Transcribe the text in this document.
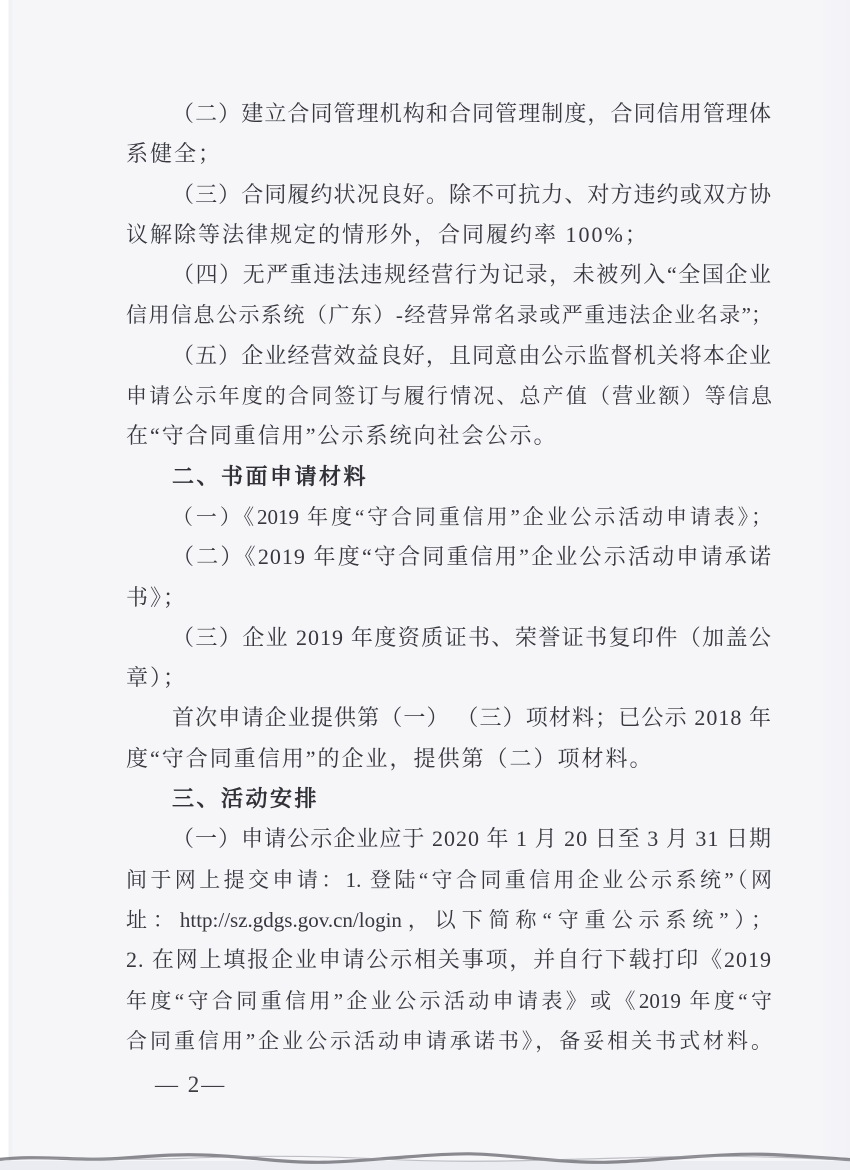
（二）建立合同管理机构和合同管理制度，合同信用管理体
系健全；
（三）合同履约状况良好。除不可抗力、对方违约或双方协
议解除等法律规定的情形外，合同履约率 100%；
（四）无严重违法违规经营行为记录，未被列入“全国企业
信用信息公示系统（广东）-经营异常名录或严重违法企业名录”；
（五）企业经营效益良好，且同意由公示监督机关将本企业
申请公示年度的合同签订与履行情况、总产值（营业额）等信息
在“守合同重信用”公示系统向社会公示。
二、书面申请材料
（一）《2019 年度“守合同重信用”企业公示活动申请表》；
（二）《2019 年度“守合同重信用”企业公示活动申请承诺
书》；
（三）企业 2019 年度资质证书、荣誉证书复印件（加盖公
章）；
首次申请企业提供第（一） （三）项材料；已公示 2018 年
度“守合同重信用”的企业，提供第（二）项材料。
三、活动安排
（一）申请公示企业应于 2020 年 1 月 20 日至 3 月 31 日期
间于网上提交申请：1. 登陆“守合同重信用企业公示系统”（网
址：http://sz.gdgs.gov.cn/login，以下简称“守重公示系统”）；
2. 在网上填报企业申请公示相关事项，并自行下载打印《2019
年度“守合同重信用”企业公示活动申请表》或《2019 年度“守
合同重信用”企业公示活动申请承诺书》，备妥相关书式材料。
— 2—
